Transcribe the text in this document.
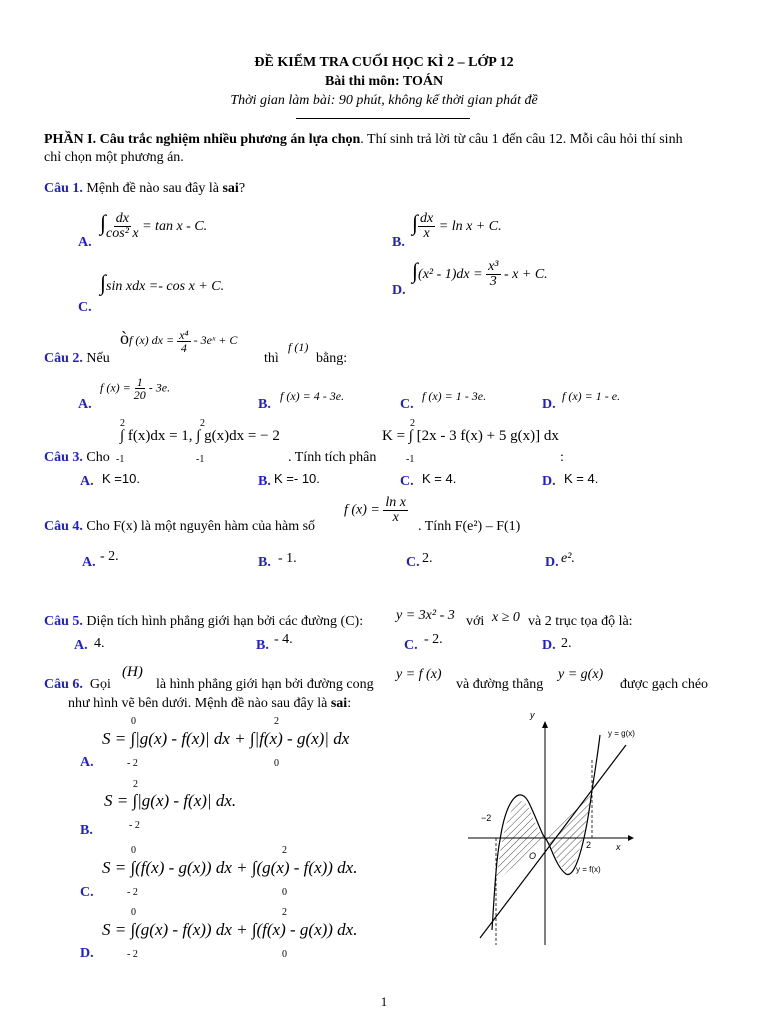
ĐỀ KIỂM TRA CUỐI HỌC KÌ 2 – LỚP 12
Bài thi môn: TOÁN
Thời gian làm bài: 90 phút, không kể thời gian phát đề
PHẦN I. Câu trắc nghiệm nhiều phương án lựa chọn. Thí sinh trả lời từ câu 1 đến câu 12. Mỗi câu hỏi thí sinh
chỉ chọn một phương án.
Câu 1. Mệnh đề nào sau đây là sai?
A.
∫ $\frac{dx}{\text{cos² x}} = \tan x - C$.
B.
∫ $\frac{dx}{x} = \ln x + C$.
∫sin xdx =- cos x + C.
C.
D.
$\int(x^2 - 1)dx = \frac{\text{x³}}{3} - x + C$.
Câu 2. Nếu
òf (x) dx = $\frac{\text{x⁴}}{4}$ - 3eˣ + C
thì
f (1)
bằng:
A.
f $(x) = \frac{1}{20} - 3e$.
B.
f (x) = 4 - 3e.
C.
f (x) = 1 - 3e.
D.
f (x) = 1 - e.
Câu 3. Cho
2
-1
2
-1
∫ f(x)dx = 1, ∫ g(x)dx = − 2
. Tính tích phân
2
-1
K = ∫ [2x - 3 f(x) + 5 g(x)] dx
:
A. K =10.	B. K =- 10.	C. K = 4.	D. K = 4.
Câu 4. Cho F(x) là một nguyên hàm của hàm số
f $(x) = \frac{\text{ln x}}{x}$
. Tính F(e²) – F(1)
A. - 2.	B. - 1.	C. 2.	D. e².
Câu 5. Diện tích hình phẳng giới hạn bởi các đường (C): y = 3x² - 3 với x ≥ 0 và 2 trục tọa độ là:
A. 4.	B. - 4.	C. - 2.	D. 2.
Câu 6. Gọi
(H)
là hình phẳng giới hạn bởi đường cong
y = f (x)
và đường thẳng
y = g(x)
được gạch chéo
như hình vẽ bên dưới. Mệnh đề nào sau đây là sai:
0
- 2
2
0
S = ∫|g(x) - f(x)| dx + ∫|f(x) - g(x)| dx
A.
2
- 2
S = ∫|g(x) - f(x)| dx.
B.
0
- 2
2
0
S = ∫(f(x) - g(x)) dx + ∫(g(x) - f(x)) dx.
C.
0
- 2
2
0
S = ∫(g(x) - f(x)) dx + ∫(f(x) - g(x)) dx.
D.
y
x
y = g(x)
y = f(x)
−2
2
O
1
